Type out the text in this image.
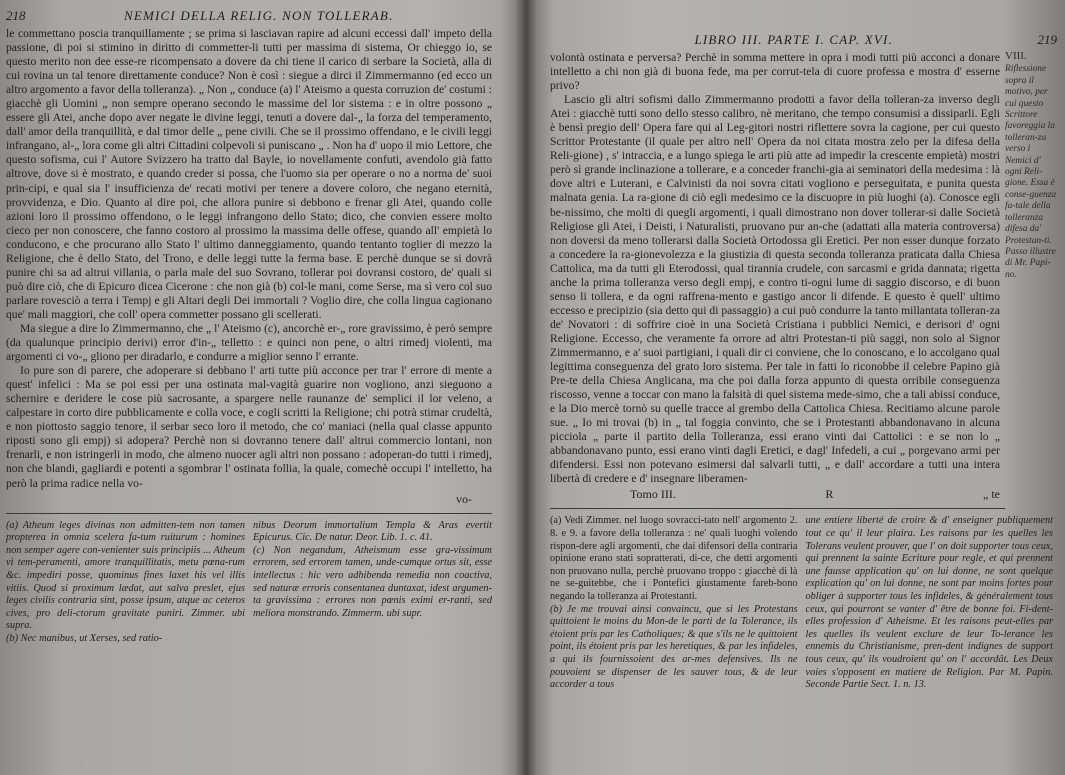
218	NEMICI DELLA RELIG. NON TOLLERAB.

le commettano poscia tranquillamente ; se prima si lasciavan rapire ad alcuni eccessi dall' impeto della passione, di poi si stimino in diritto di commetter-li tutti per massima di sistema, Or chieggo io, se questo merito non dee esse-re ricompensato a dovere da chi tiene il carico di serbare la Società, alla di cui rovina un tal tenore direttamente conduce? Non è così : siegue a dirci il Zimmermanno (ed ecco un altro argomento a favor della tolleranza). „ Non „ conduce (a) l' Ateismo a questa corruzion de' costumi : giacchè gli Uomini „ non sempre operano secondo le massime del lor sistema : e in oltre possono „ essere gli Atei, anche dopo aver negate le divine leggi, tenuti a dovere dal-„ la forza del temperamento, dall' amor della tranquillità, e dal timor delle „ pene civili. Che se il prossimo offendano, e le civili leggi infrangano, al-„ lora come gli altri Cittadini colpevoli si puniscano „ . Non ha d' uopo il mio Lettore, che questo sofisma, cui l' Autore Svizzero ha tratto dal Bayle, io novellamente confuti, avendolo già fatto altrove, dove si è mostrato, e quando creder si possa, che l'uomo sia per operare o no a norma de' suoi prin-cipi, e qual sia l' insufficienza de' recati motivi per tenere a dovere coloro, che negano eternità, provvidenza, e Dio. Quanto al dire poi, che allora punire si debbono e frenar gli Atei, quando colle azioni loro il prossimo offendono, o le leggi infrangono dello Stato; dico, che convien essere molto cieco per non conoscere, che fanno costoro al prossimo la massima delle offese, quando all' empietà lo conducono, e che procurano allo Stato l' ultimo danneggiamento, quando tentanto toglier di mezzo la Religione, che è dello Stato, del Trono, e delle leggi tutte la ferma base. E perchè dunque se si dovrà punire chi sa ad altrui villania, o parla male del suo Sovrano, tollerar poi dovransi costoro, de' quali si può dire ciò, che di Epicuro dicea Cicerone : che non già (b) col-le mani, come Serse, ma sì vero col suo parlare rovesciò a terra i Tempj e gli Altari degli Dei immortali ? Voglio dire, che colla lingua cagionano que' mali maggiori, che coll' opera commetter possano gli scellerati.

Ma siegue a dire lo Zimmermanno, che „ l' Ateismo (c), ancorchè er-„ rore gravissimo, è però sempre (da qualunque principio derivi) error d'in-„ telletto : e quinci non pene, o altri rimedj violenti, ma argomenti ci vo-„ gliono per diradarlo, e condurre a miglior senno l' errante.

Io pure son di parere, che adoperare si debbano l' arti tutte più acconce per trar l' errore di mente a quest' infelici : Ma se poi essi per una ostinata mal-vagità guarire non vogliono, anzi sieguono a schernire e deridere le cose più sacrosante, a spargere nelle raunanze de' semplici il lor veleno, a calpestare in corto dire pubblicamente e colla voce, e cogli scritti la Religione; chi potrà stimar crudeltà, e non piottosto saggio tenore, il serbar seco loro il metodo, che co' maniaci (nella qual classe appunto riposti sono gli empj) si adopera? Perchè non si dovranno tenere dall' altrui commercio lontani, non frenarli, e non istringerli in modo, che almeno nuocer agli altri non possano : adoperan-do tutti i rimedj, non che blandi, gagliardi e potenti a sgombrar l' ostinata follia, la quale, comechè occupi l' intelletto, ha però la prima radice nella vo-

vo-

(a) Atheum leges divinas non admitten-tem non tamen propterea in omnia scelera fa-tum ruiturum : homines non semper agere con-venienter suis principiis ... Atheum vi tem-peramenti, amore tranquillitatis, metu pœna-rum &c. impediri posse, quominus fines laxet his vel illis vitiis. Quod si proximum lædat, aut salva preslet, ejus leges civilis contraria sint, posse ipsum, atque ac ceteros cives, pro deli-ctorum gravitate puniri. Zimmer. ubi supra.

(b) Nec manibus, ut Xerses, sed ratio-

nibus Deorum immortalium Templa & Aras evertit Epicurus. Cic. De natur. Deor. Lib. 1. c. 41.

(c) Non negandum, Atheismum esse gra-vissimum errorem, sed errorem tamen, unde-cumque ortus sit, esse intellectus : hic vero adhibenda remedia non coactiva, sed naturæ erroris consentanea duntaxat, idest argumen-ta gravissima : errores non pœnis eximi er-ranti, sed meliora monstrando. Zimmerm. ubi supr.

LIBRO III. PARTE I. CAP. XVI.	219

volontà ostinata e perversa? Perchè in somma mettere in opra i modi tutti più acconci a donare intelletto a chi non già di buona fede, ma per corrut-tela di cuore professa e mostra d' esserne privo?

Lascio gli altri sofismi dallo Zimmermanno prodotti a favor della tolleran-za inverso degli Atei : giacchè tutti sono dello stesso calibro, nè meritano, che tempo consumisi a dissiparli. Egli è bensì pregio dell' Opera fare qui al Leg-gitori nostri riflettere sovra la cagione, per cui questo Scrittor Protestante (il quale per altro nell' Opera da noi citata mostra zelo per la difesa della Reli-gione) , s' intraccia, e a lungo spiega le arti più atte ad impedir la crescente empietà) mostri però sì grande inclinazione a tollerare, e a conceder franchi-gia ai seminatori della medesima : là dove altri e Luterani, e Calvinisti da noi sovra citati vogliono e perseguitata, e punita questa malnata genia. La ra-gione di ciò egli medesimo ce la discuopre in più luoghi (a). Conosce egli be-nissimo, che molti di quegli argomenti, i quali dimostrano non dover tollerar-si dalle Società Religiose gli Atei, i Deisti, i Naturalisti, pruovano pur an-che (adattati alla materia controversa) non doversi da meno tollerarsi dalla Società Ortodossa gli Eretici. Per non esser dunque forzato a concedere la ra-gionevolezza e la giustizia di questa seconda tolleranza praticata dalla Chiesa Cattolica, ma da tutti gli Eterodossi, qual tirannia crudele, con sarcasmi e grida dannata; rigetta anche la prima tolleranza verso degli empj, e contro ti-ogni lume di saggio discorso, e di buon senso li tollera, e da ogni raffrena-mento e gastigo ancor li difende. E questo è quell' ultimo eccesso e precipizio (sia detto qui di passaggio) a cui può condurre la tanto millantata tolleran-za de' Novatori : di soffrire cioè in una Società Cristiana i pubblici Nemici, e derisori d' ogni Religione. Eccesso, che veramente fa orrore ad altri Protestan-ti più saggi, non solo al Signor Zimmermanno, e a' suoi partigiani, i quali dir ci conviene, che lo conoscano, e lo accolgano qual legittima conseguenza del grato loro sistema. Per tale in fatti lo riconobbe il celebre Papino già Pre-te della Chiesa Anglicana, ma che poi dalla forza appunto di questa orribile conseguenza riscosso, venne a toccar con mano la falsità di quel sistema mede-simo, che a tali abissi conduce, e la Dio mercè tornò su quelle tracce al grembo della Cattolica Chiesa. Recitiamo alcune parole sue. „ Io mi trovai (b) in „ tal foggia convinto, che se i Protestanti abbandonavano in alcuna picciola „ parte il partito della Tolleranza, essi erano vinti dai Cattolici : e se non lo „ abbandonavano punto, essi erano vinti dagli Eretici, e dagl' Infedeli, a cui „ porgevano armi per difendersi. Essi non potevano esimersi dal salvarli tutti, „ e dall' accordare a tutti una intera libertà di credere e d' insegnare liberamen-

Tomo III.	R	„ te
VIII.
Riflessione sopra il motivo, per cui questo Scrittore favoreggia la tolleran-za verso i Nemici d' ogni Reli-gione. Essa è conse-guenza fa-tale della tolleranza difesa da' Protestan-ti. Passo illustre di Mr. Papi-no.

(a) Vedi Zimmer. nel luogo sovracci-tato nell' argomento 2. 8. e 9. a favore della tolleranza : ne' quali luoghi volendo rispon-dere agli argomenti, che dai difensori della contraria opinione erano stati sopratterati, di-ce, che detti argomenti non pruovano nulla, perchè pruovano troppo : giacchè di là ne se-guitebbe, che i Pontefici giustamente fareb-bono negando la tolleranza ai Protestanti.

(b) Je me trouvai ainsi convaincu, que si les Protestans quittoient le moins du Mon-de le parti de la Tolerance, ils étoient pris par les Catholiques; & que s'ils ne le quittoient point, ils étoient pris par les heretiques, & par les infideles, a qui ils fournissoient des ar-mes defensives. Ils ne pouvoient se dispenser de les sauver tous, & de leur accorder a tous

une entiere liberté de croire & d' enseigner publiquement tout ce qu' il leur plaira. Les raisons par les quelles les Tolerans veulent prouver, que l' on doit supporter tous ceux, qui prennent la sainte Ecriture pour regle, et qui prennent une fausse application qu' on lui donne, ne sont quelque explication qu' on lui donne, ne sont par moins fortes pour obliger à supporter tous les infideles, & généralement tous ceux, qui pourront se vanter d' être de bonne foi. Fi-dent-elles profession d' Atheisme. Et les raisons peut-elles par les quelles ils veulent exclure de leur To-lerance les ennemis du Christianisme, pren-dent indignes de support tous ceux, qu' ils voudroient qu' on l' accordât. Les Deux voies s'opposent en matiere de Religion. Par M. Papin. Seconde Partie Sect. 1. n. 13.
